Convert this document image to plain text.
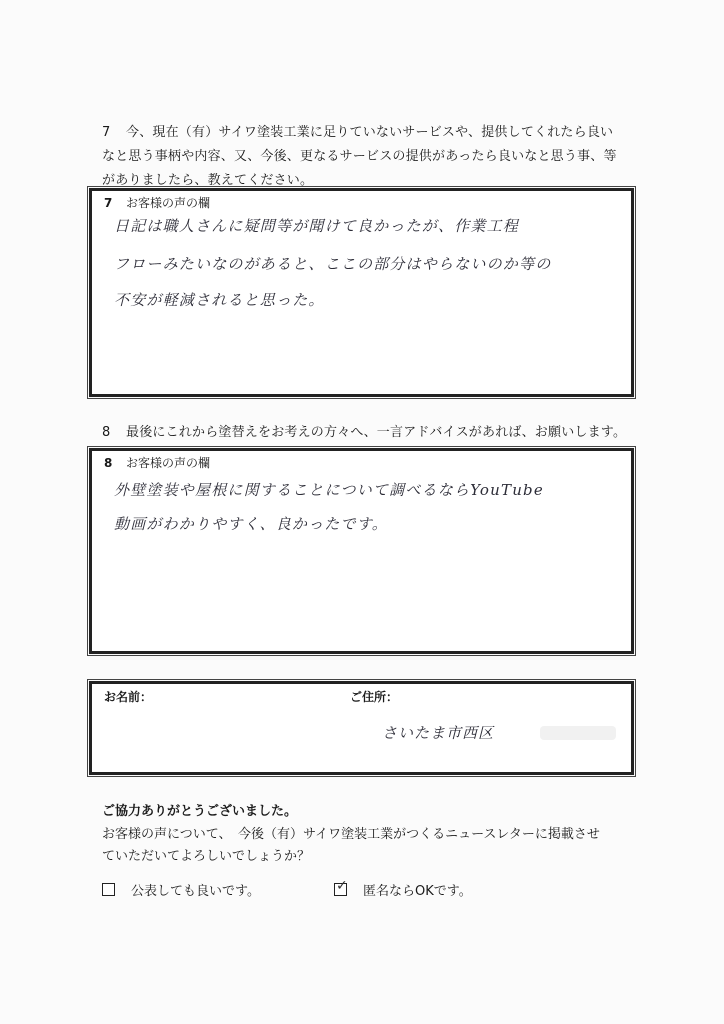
7 今、現在（有）サイワ塗装工業に足りていないサービスや、提供してくれたら良い
なと思う事柄や内容、又、今後、更なるサービスの提供があったら良いなと思う事、等
がありましたら、教えてください。
7 お客様の声の欄
日記は職人さんに疑問等が聞けて良かったが、作業工程
フローみたいなのがあると、ここの部分はやらないのか等の
不安が軽減されると思った。
8 最後にこれから塗替えをお考えの方々へ、一言アドバイスがあれば、お願いします。
8 お客様の声の欄
外壁塗装や屋根に関することについて調べるならYouTube
動画がわかりやすく、良かったです。
お名前：	ご住所：
さいたま市西区
ご協力ありがとうございました。
お客様の声について、　今後（有）サイワ塗装工業がつくるニュースレターに掲載させ
ていただいてよろしいでしょうか？
公表しても良いです。	✓ 匿名ならOKです。
